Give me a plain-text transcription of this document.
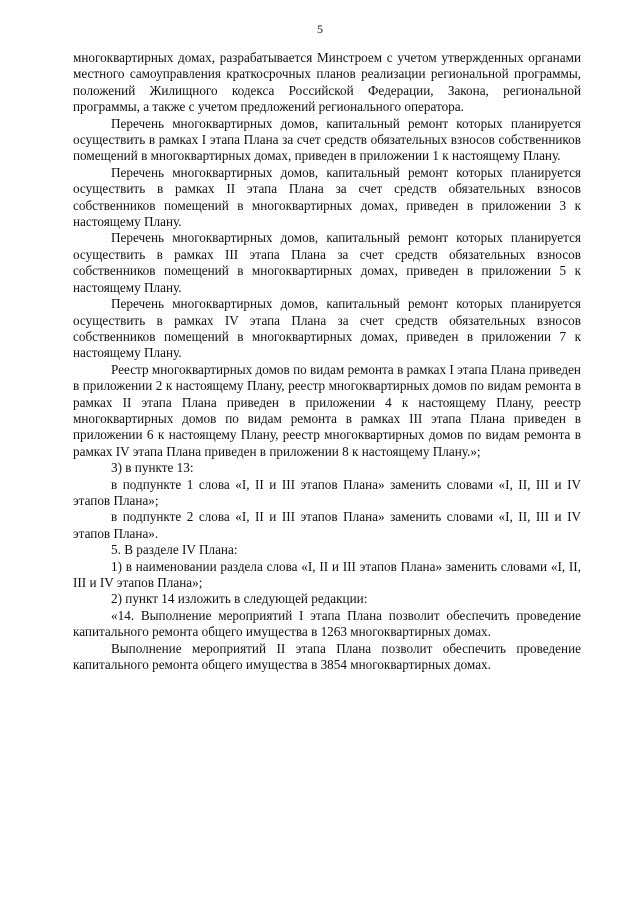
5

многоквартирных домах, разрабатывается Минстроем с учетом утвержденных органами местного самоуправления краткосрочных планов реализации региональной программы, положений Жилищного кодекса Российской Федерации, Закона, региональной программы, а также с учетом предложений регионального оператора.

Перечень многоквартирных домов, капитальный ремонт которых планируется осуществить в рамках I этапа Плана за счет средств обязательных взносов собственников помещений в многоквартирных домах, приведен в приложении 1 к настоящему Плану.

Перечень многоквартирных домов, капитальный ремонт которых планируется осуществить в рамках II этапа Плана за счет средств обязательных взносов собственников помещений в многоквартирных домах, приведен в приложении 3 к настоящему Плану.

Перечень многоквартирных домов, капитальный ремонт которых планируется осуществить в рамках III этапа Плана за счет средств обязательных взносов собственников помещений в многоквартирных домах, приведен в приложении 5 к настоящему Плану.

Перечень многоквартирных домов, капитальный ремонт которых планируется осуществить в рамках IV этапа Плана за счет средств обязательных взносов собственников помещений в многоквартирных домах, приведен в приложении 7 к настоящему Плану.

Реестр многоквартирных домов по видам ремонта в рамках I этапа Плана приведен в приложении 2 к настоящему Плану, реестр многоквартирных домов по видам ремонта в рамках II этапа Плана приведен в приложении 4 к настоящему Плану, реестр многоквартирных домов по видам ремонта в рамках III этапа Плана приведен в приложении 6 к настоящему Плану, реестр многоквартирных домов по видам ремонта в рамках IV этапа Плана приведен в приложении 8 к настоящему Плану.»;

3) в пункте 13:

в подпункте 1 слова «I, II и III этапов Плана» заменить словами «I, II, III и IV этапов Плана»;

в подпункте 2 слова «I, II и III этапов Плана» заменить словами «I, II, III и IV этапов Плана».

5. В разделе IV Плана:

1) в наименовании раздела слова «I, II и III этапов Плана» заменить словами «I, II, III и IV этапов Плана»;

2) пункт 14 изложить в следующей редакции:

«14. Выполнение мероприятий I этапа Плана позволит обеспечить проведение капитального ремонта общего имущества в 1263 многоквартирных домах.

Выполнение мероприятий II этапа Плана позволит обеспечить проведение капитального ремонта общего имущества в 3854 многоквартирных домах.
